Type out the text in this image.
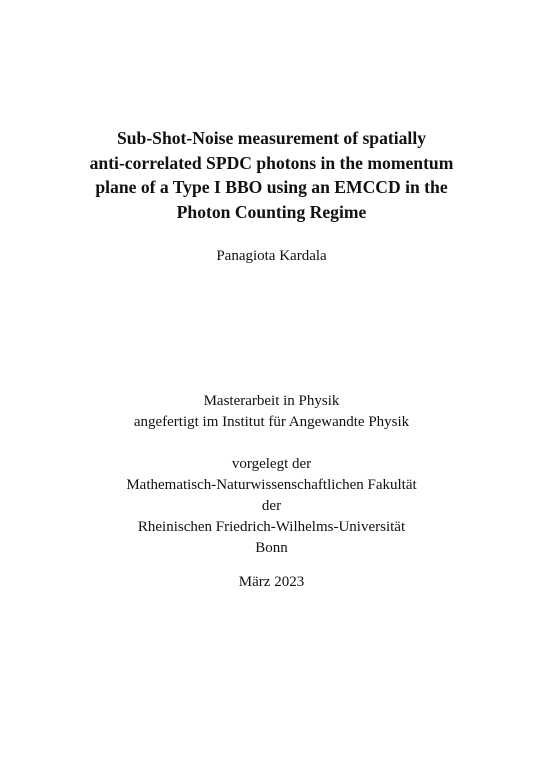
Sub-Shot-Noise measurement of spatially
anti-correlated SPDC photons in the momentum
plane of a Type I BBO using an EMCCD in the
Photon Counting Regime
Panagiota Kardala
Masterarbeit in Physik
angefertigt im Institut für Angewandte Physik
vorgelegt der
Mathematisch-Naturwissenschaftlichen Fakultät
der
Rheinischen Friedrich-Wilhelms-Universität
Bonn
März 2023
